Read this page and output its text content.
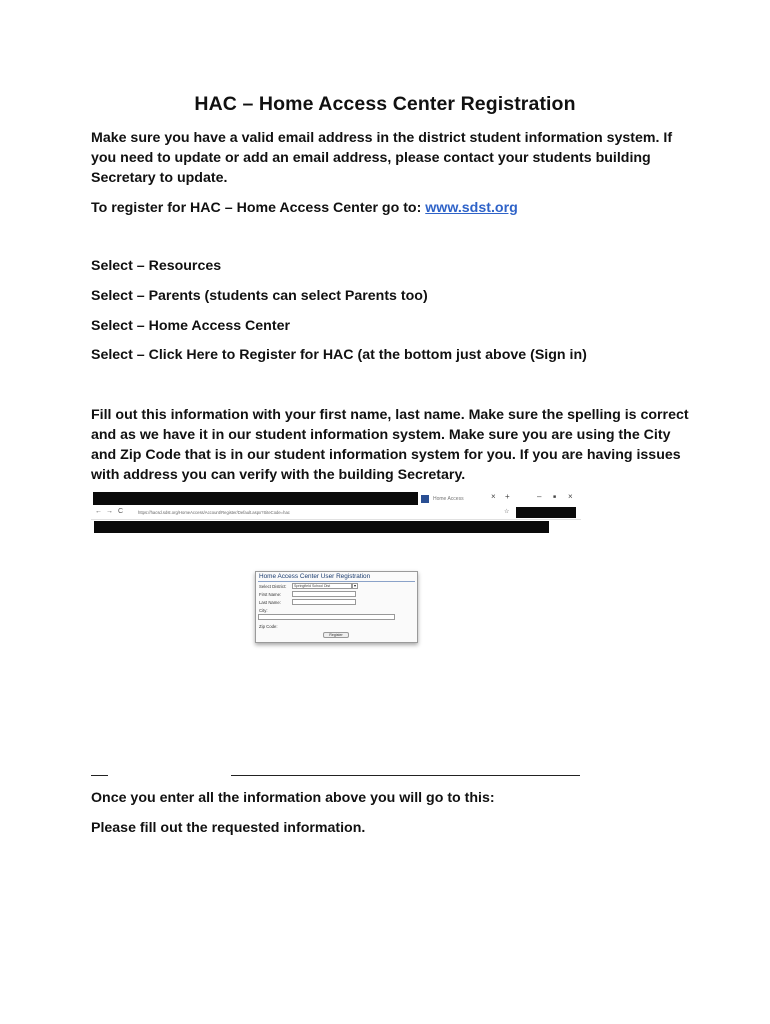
HAC – Home Access Center Registration
Make sure you have a valid email address in the district student information system. If you need to update or add an email address, please contact your students building Secretary to update.
To register for HAC – Home Access Center go to: www.sdst.org
Select – Resources
Select – Parents (students can select Parents too)
Select – Home Access Center
Select – Click Here to Register for HAC (at the bottom just above (Sign in)
Fill out this information with your first name, last name. Make sure the spelling is correct and as we have it in our student information system. Make sure you are using the City and Zip Code that is in our student information system for you. If you are having issues with address you can verify with the building Secretary.
Home Access	× +	– ■ ×
← → C	https://hacsd.sdst.org/HomeAccess/Account/Register/Default.aspx?SiteCode=hac	☆
Home Access Center User Registration
Select District:	Springfield School Dist	▾
First Name:
Last Name:
City:
Zip Code:
Register
Once you enter all the information above you will go to this:
Please fill out the requested information.
